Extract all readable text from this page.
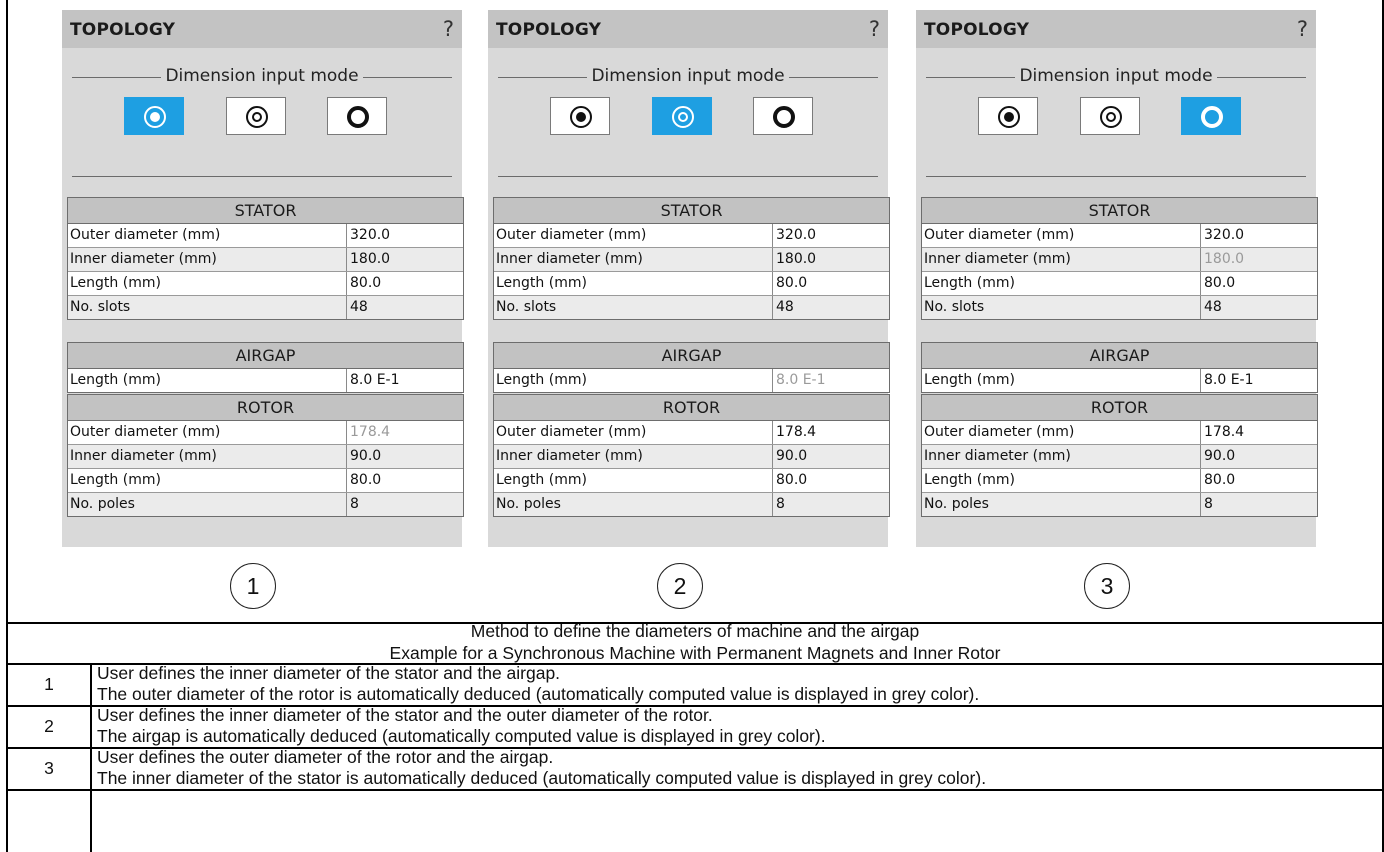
TOPOLOGY	?
Dimension input mode
STATOR
Outer diameter (mm)	320.0
Inner diameter (mm)	180.0
Length (mm)	80.0
No. slots	48
AIRGAP
Length (mm)	8.0 E-1
ROTOR
Outer diameter (mm)	178.4
Inner diameter (mm)	90.0
Length (mm)	80.0
No. poles	8
1
TOPOLOGY	?
Dimension input mode
STATOR
Outer diameter (mm)	320.0
Inner diameter (mm)	180.0
Length (mm)	80.0
No. slots	48
AIRGAP
Length (mm)	8.0 E-1
ROTOR
Outer diameter (mm)	178.4
Inner diameter (mm)	90.0
Length (mm)	80.0
No. poles	8
2
TOPOLOGY	?
Dimension input mode
STATOR
Outer diameter (mm)	320.0
Inner diameter (mm)	180.0
Length (mm)	80.0
No. slots	48
AIRGAP
Length (mm)	8.0 E-1
ROTOR
Outer diameter (mm)	178.4
Inner diameter (mm)	90.0
Length (mm)	80.0
No. poles	8
3
Method to define the diameters of machine and the airgap
Example for a Synchronous Machine with Permanent Magnets and Inner Rotor
1
User defines the inner diameter of the stator and the airgap.
The outer diameter of the rotor is automatically deduced (automatically computed value is displayed in grey color).
2
User defines the inner diameter of the stator and the outer diameter of the rotor.
The airgap is automatically deduced (automatically computed value is displayed in grey color).
3
User defines the outer diameter of the rotor and the airgap.
The inner diameter of the stator is automatically deduced (automatically computed value is displayed in grey color).
